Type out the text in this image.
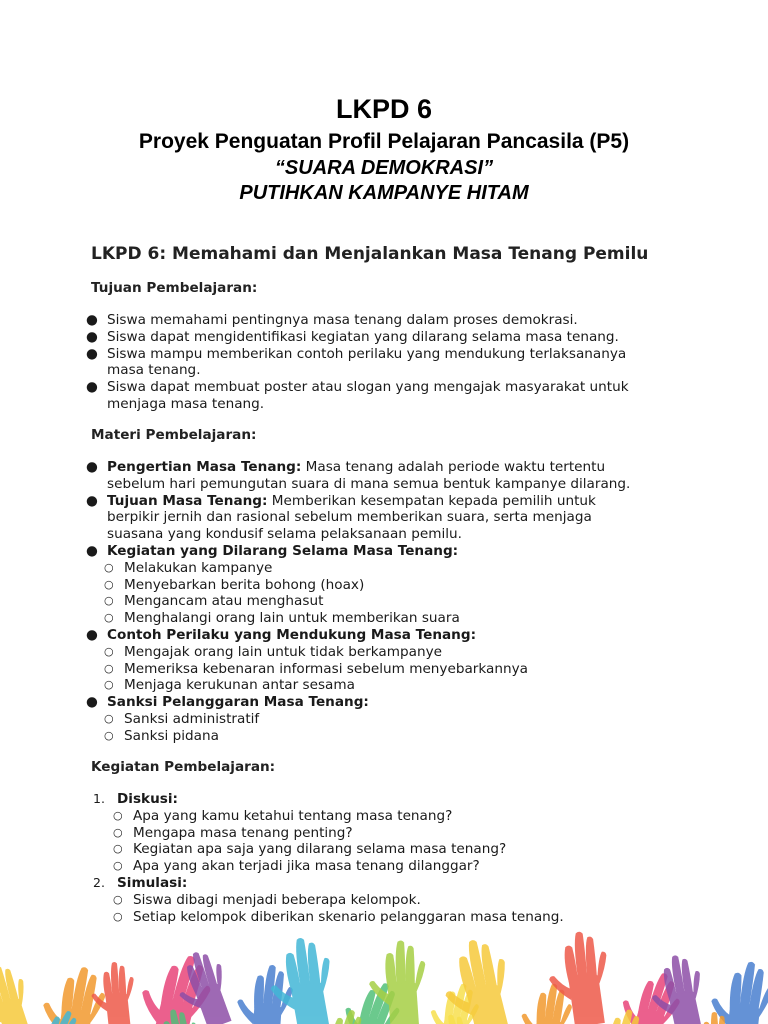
LKPD 6
Proyek Penguatan Profil Pelajaran Pancasila (P5)
“SUARA DEMOKRASI”
PUTIHKAN KAMPANYE HITAM
LKPD 6: Memahami dan Menjalankan Masa Tenang Pemilu
Tujuan Pembelajaran:
● Siswa memahami pentingnya masa tenang dalam proses demokrasi.
● Siswa dapat mengidentifikasi kegiatan yang dilarang selama masa tenang.
● Siswa mampu memberikan contoh perilaku yang mendukung terlaksananya masa tenang.
● Siswa dapat membuat poster atau slogan yang mengajak masyarakat untuk menjaga masa tenang.
Materi Pembelajaran:
● Pengertian Masa Tenang: Masa tenang adalah periode waktu tertentu sebelum hari pemungutan suara di mana semua bentuk kampanye dilarang.
● Tujuan Masa Tenang: Memberikan kesempatan kepada pemilih untuk berpikir jernih dan rasional sebelum memberikan suara, serta menjaga suasana yang kondusif selama pelaksanaan pemilu.
● Kegiatan yang Dilarang Selama Masa Tenang:
○ Melakukan kampanye
○ Menyebarkan berita bohong (hoax)
○ Mengancam atau menghasut
○ Menghalangi orang lain untuk memberikan suara
● Contoh Perilaku yang Mendukung Masa Tenang:
○ Mengajak orang lain untuk tidak berkampanye
○ Memeriksa kebenaran informasi sebelum menyebarkannya
○ Menjaga kerukunan antar sesama
● Sanksi Pelanggaran Masa Tenang:
○ Sanksi administratif
○ Sanksi pidana
Kegiatan Pembelajaran:
1. Diskusi:
○ Apa yang kamu ketahui tentang masa tenang?
○ Mengapa masa tenang penting?
○ Kegiatan apa saja yang dilarang selama masa tenang?
○ Apa yang akan terjadi jika masa tenang dilanggar?
2. Simulasi:
○ Siswa dibagi menjadi beberapa kelompok.
○ Setiap kelompok diberikan skenario pelanggaran masa tenang.
